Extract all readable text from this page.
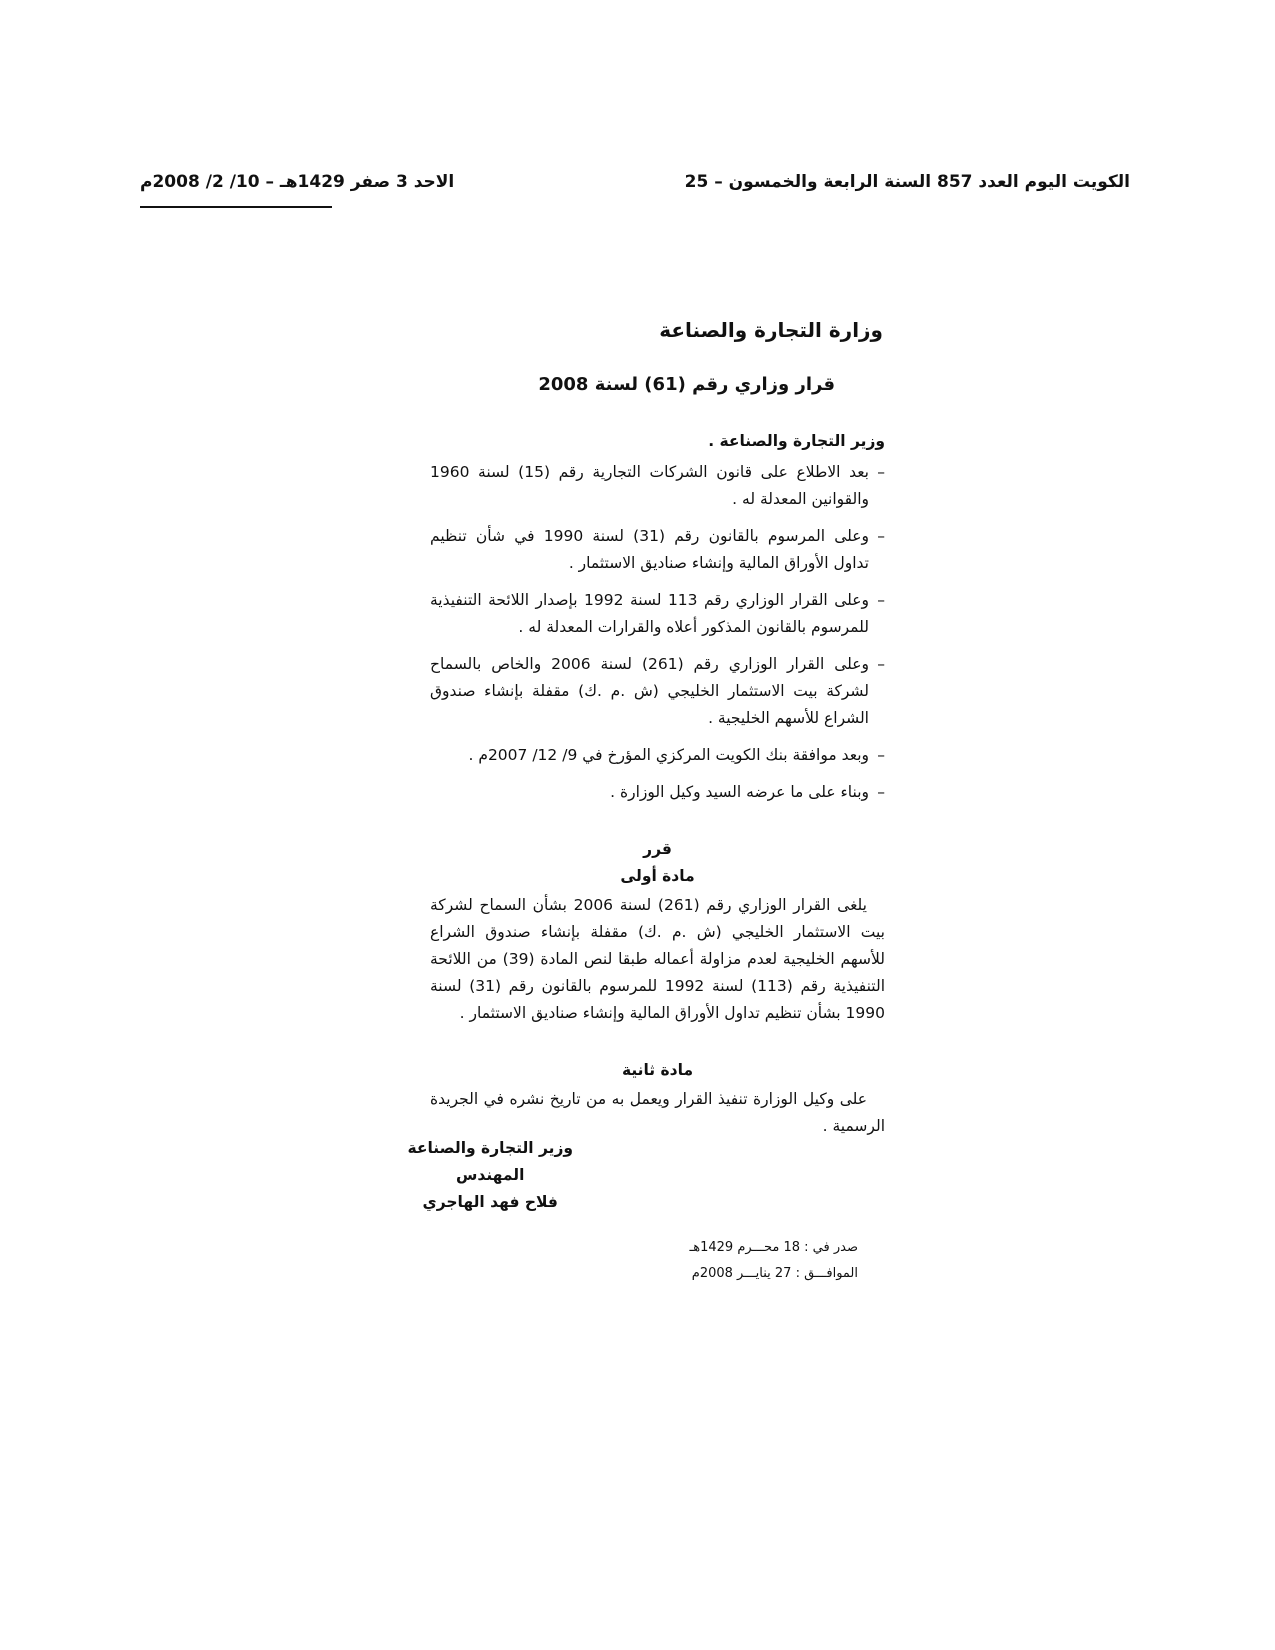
الكويت اليوم العدد 857 السنة الرابعة والخمسون – 25
الاحد 3 صفر 1429هـ – 10/ 2/ 2008م
وزارة التجارة والصناعة
قرار وزاري رقم (61) لسنة 2008

وزير التجارة والصناعة .

– بعد الاطلاع على قانون الشركات التجارية رقم (15) لسنة 1960 والقوانين المعدلة له .
– وعلى المرسوم بالقانون رقم (31) لسنة 1990 في شأن تنظيم تداول الأوراق المالية وإنشاء صناديق الاستثمار .
– وعلى القرار الوزاري رقم 113 لسنة 1992 بإصدار اللائحة التنفيذية للمرسوم بالقانون المذكور أعلاه والقرارات المعدلة له .
– وعلى القرار الوزاري رقم (261) لسنة 2006 والخاص بالسماح لشركة بيت الاستثمار الخليجي (ش .م .ك) مقفلة بإنشاء صندوق الشراع للأسهم الخليجية .
– وبعد موافقة بنك الكويت المركزي المؤرخ في 9/ 12/ 2007م .
– وبناء على ما عرضه السيد وكيل الوزارة .

قرر

مادة أولى

يلغى القرار الوزاري رقم (261) لسنة 2006 بشأن السماح لشركة بيت الاستثمار الخليجي (ش .م .ك) مقفلة بإنشاء صندوق الشراع للأسهم الخليجية لعدم مزاولة أعماله طبقا لنص المادة (39) من اللائحة التنفيذية رقم (113) لسنة 1992 للمرسوم بالقانون رقم (31) لسنة 1990 بشأن تنظيم تداول الأوراق المالية وإنشاء صناديق الاستثمار .

مادة ثانية

على وكيل الوزارة تنفيذ القرار ويعمل به من تاريخ نشره في الجريدة الرسمية .

وزير التجارة والصناعة
المهندس
فلاح فهد الهاجري
صدر في : 18 محـــرم 1429هـ
الموافـــق : 27 ينايـــر 2008م
